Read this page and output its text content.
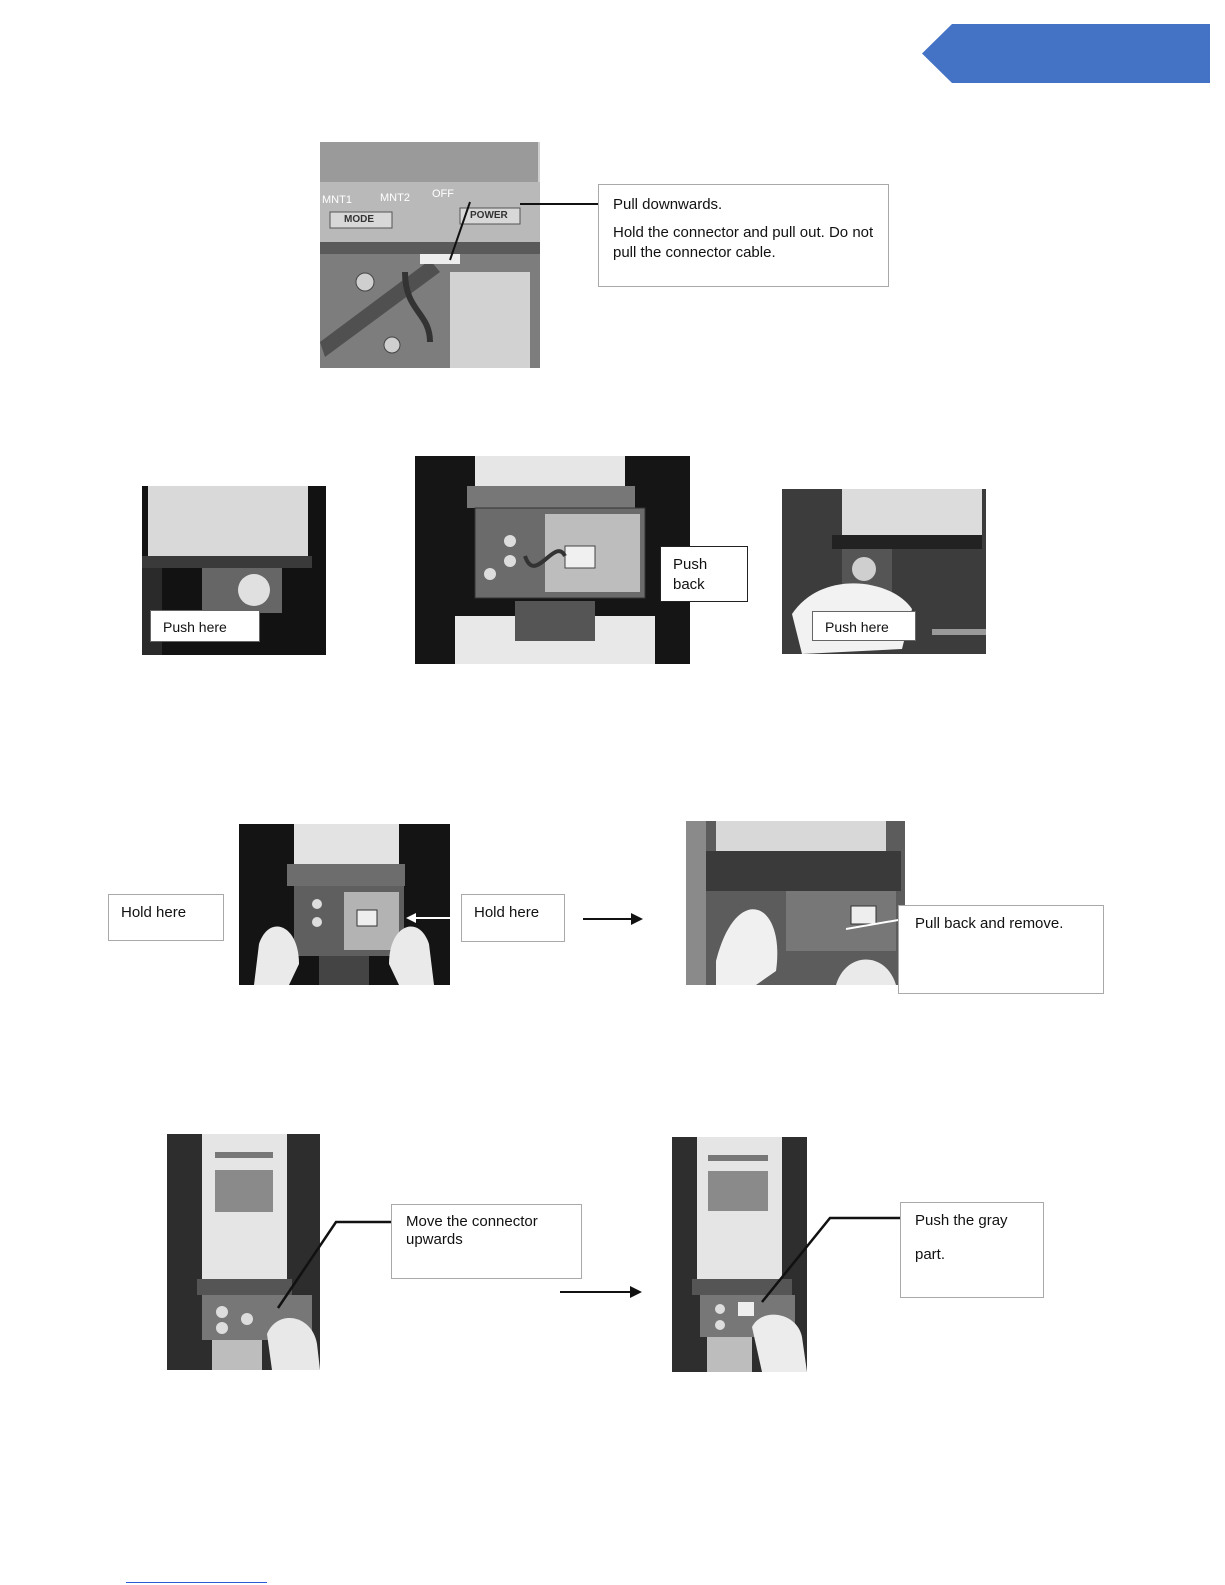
MNT1	MNT2 OFF
MODE	POWER
Pull downwards.
Hold the connector and pull out. Do not pull the connector cable.
Push here
Push back
Push here
Hold here	Hold here
Pull back and remove.
Move the connector upwards
Push the gray
part.
